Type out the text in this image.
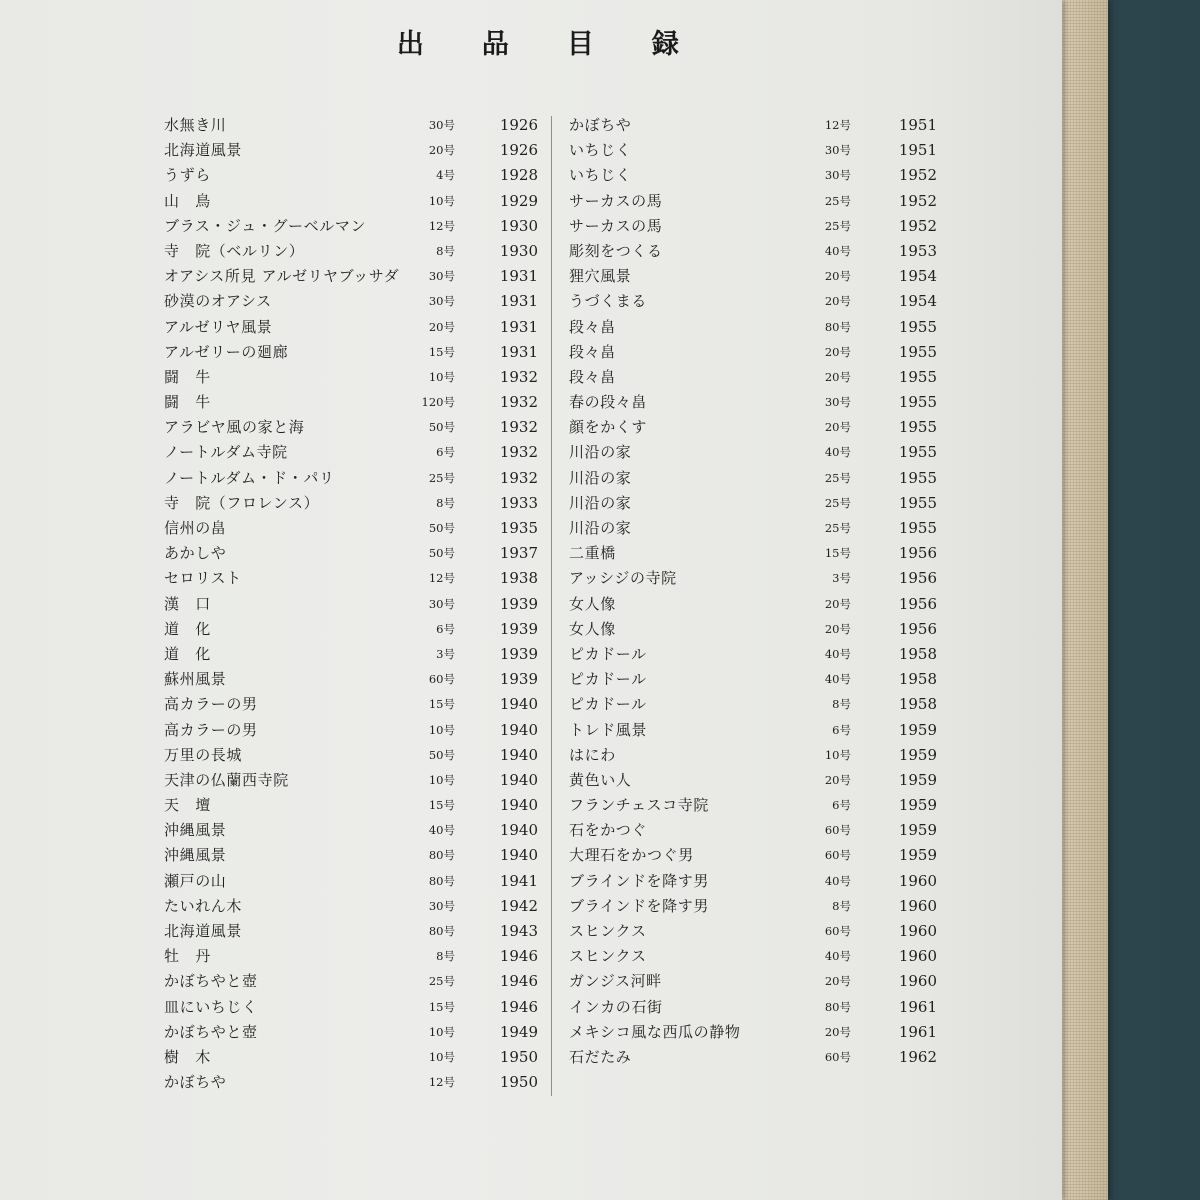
出 品 目 録
水無き川	30号	1926
北海道風景	20号	1926
うずら	4号	1928
山　鳥	10号	1929
ブラス・ジュ・グーベルマン	12号	1930
寺　院（ベルリン）	8号	1930
オアシス所見 アルゼリヤブッサダ	30号	1931
砂漠のオアシス	30号	1931
アルゼリヤ風景	20号	1931
アルゼリーの廻廊	15号	1931
闘　牛	10号	1932
闘　牛	120号	1932
アラビヤ風の家と海	50号	1932
ノートルダム寺院	6号	1932
ノートルダム・ド・パリ	25号	1932
寺　院（フロレンス）	8号	1933
信州の畠	50号	1935
あかしや	50号	1937
セロリスト	12号	1938
漢　口	30号	1939
道　化	6号	1939
道　化	3号	1939
蘇州風景	60号	1939
高カラーの男	15号	1940
高カラーの男	10号	1940
万里の長城	50号	1940
天津の仏蘭西寺院	10号	1940
天　壇	15号	1940
沖縄風景	40号	1940
沖縄風景	80号	1940
瀬戸の山	80号	1941
たいれん木	30号	1942
北海道風景	80号	1943
牡　丹	8号	1946
かぼちやと壺	25号	1946
皿にいちじく	15号	1946
かぼちやと壺	10号	1949
樹　木	10号	1950
かぼちや	12号	1950
かぼちや	12号	1951
いちじく	30号	1951
いちじく	30号	1952
サーカスの馬	25号	1952
サーカスの馬	25号	1952
彫刻をつくる	40号	1953
狸穴風景	20号	1954
うづくまる	20号	1954
段々畠	80号	1955
段々畠	20号	1955
段々畠	20号	1955
春の段々畠	30号	1955
顔をかくす	20号	1955
川沿の家	40号	1955
川沿の家	25号	1955
川沿の家	25号	1955
川沿の家	25号	1955
二重橋	15号	1956
アッシジの寺院	3号	1956
女人像	20号	1956
女人像	20号	1956
ピカドール	40号	1958
ピカドール	40号	1958
ピカドール	8号	1958
トレド風景	6号	1959
はにわ	10号	1959
黄色い人	20号	1959
フランチェスコ寺院	6号	1959
石をかつぐ	60号	1959
大理石をかつぐ男	60号	1959
ブラインドを降す男	40号	1960
ブラインドを降す男	8号	1960
スヒンクス	60号	1960
スヒンクス	40号	1960
ガンジス河畔	20号	1960
インカの石街	80号	1961
メキシコ風な西瓜の静物	20号	1961
石だたみ	60号	1962
